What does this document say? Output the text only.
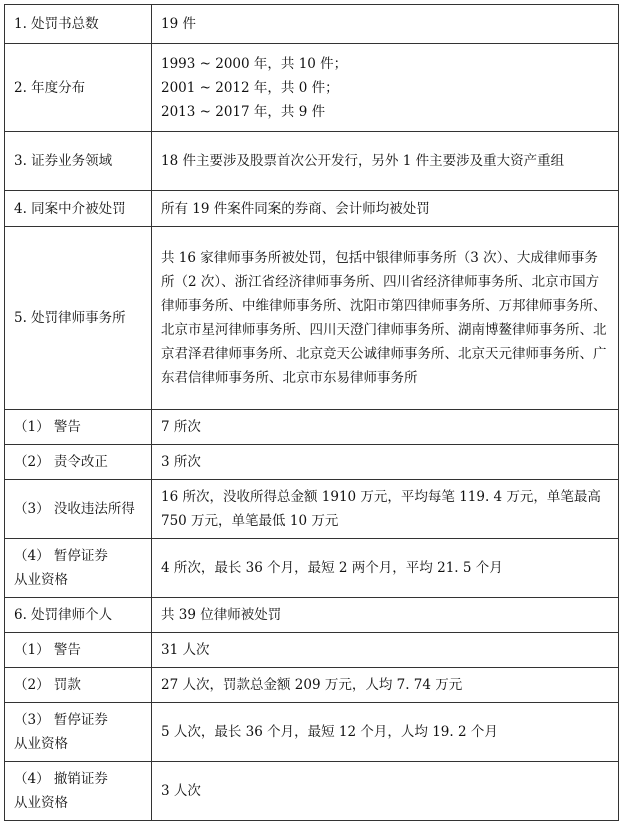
1. 处罚书总数	19 件
2. 年度分布	1993 ~ 2000 年，共 10 件；
2001 ~ 2012 年，共 0 件；
2013 ~ 2017 年，共 9 件
3. 证券业务领域	18 件主要涉及股票首次公开发行，另外 1 件主要涉及重大资产重组
4. 同案中介被处罚	所有 19 件案件同案的券商、会计师均被处罚
5. 处罚律师事务所	共 16 家律师事务所被处罚，包括中银律师事务所（3 次）、大成律师事务所（2 次）、浙江省经济律师事务所、四川省经济律师事务所、北京市国方律师事务所、中维律师事务所、沈阳市第四律师事务所、万邦律师事务所、北京市星河律师事务所、四川天澄门律师事务所、湖南博鳌律师事务所、北京君泽君律师事务所、北京竞天公诚律师事务所、北京天元律师事务所、广东君信律师事务所、北京市东易律师事务所
（1） 警告	7 所次
（2） 责令改正	3 所次
（3） 没收违法所得	16 所次，没收所得总金额 1910 万元，平均每笔 119. 4 万元，单笔最高 750 万元，单笔最低 10 万元
（4） 暂停证券
从业资格	4 所次，最长 36 个月，最短 2 两个月，平均 21. 5 个月
6. 处罚律师个人	共 39 位律师被处罚
（1） 警告	31 人次
（2） 罚款	27 人次，罚款总金额 209 万元，人均 7. 74 万元
（3） 暂停证券
从业资格	5 人次，最长 36 个月，最短 12 个月，人均 19. 2 个月
（4） 撤销证券
从业资格	3 人次
